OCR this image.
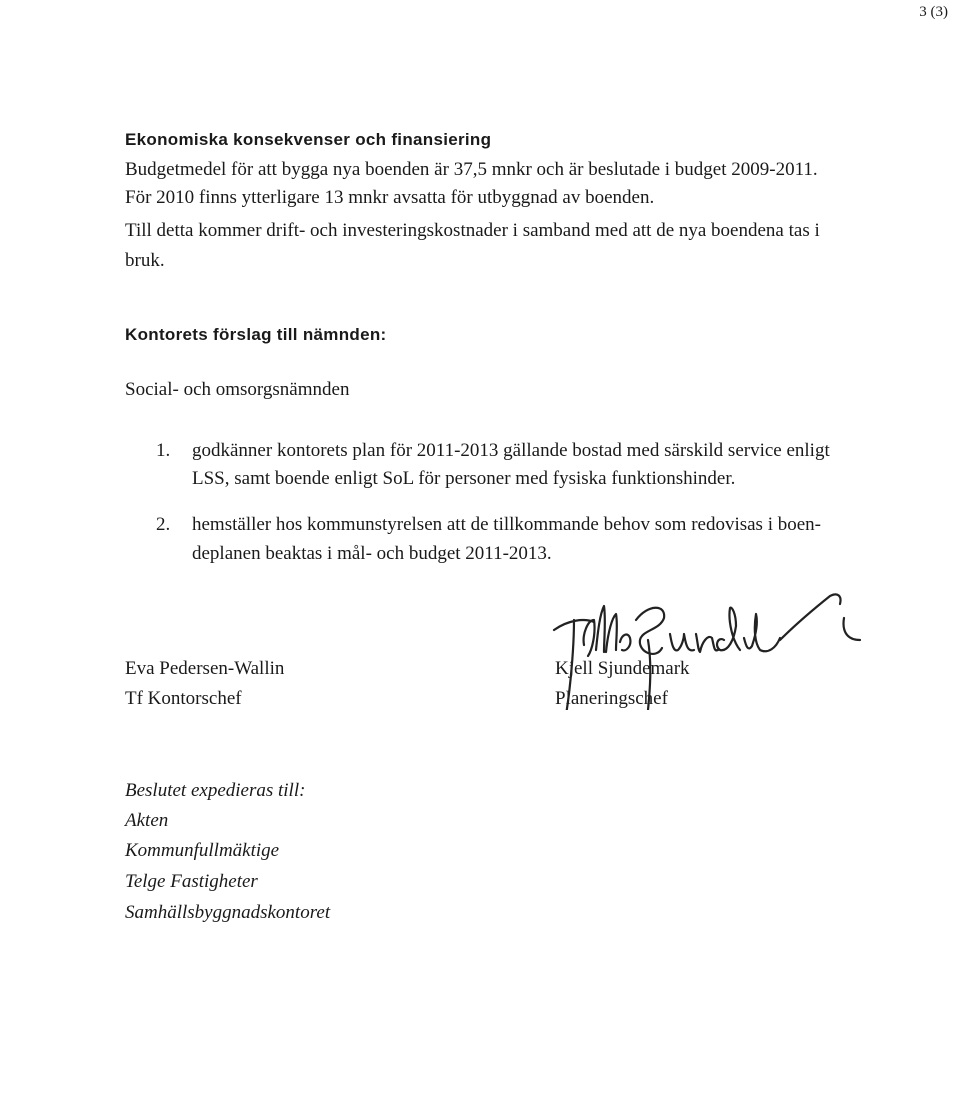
3 (3)
Ekonomiska konsekvenser och finansiering
Budgetmedel för att bygga nya boenden är 37,5 mnkr och är beslutade i budget 2009-2011.
För 2010 finns ytterligare 13 mnkr avsatta för utbyggnad av boenden.
Till detta kommer drift- och investeringskostnader i samband med att de nya boendena tas i
bruk.
Kontorets förslag till nämnden:
Social- och omsorgsnämnden
1. godkänner kontorets plan för 2011-2013 gällande bostad med särskild service enligt
LSS, samt boende enligt SoL för personer med fysiska funktionshinder.
2. hemställer hos kommunstyrelsen att de tillkommande behov som redovisas i boen-
deplanen beaktas i mål- och budget 2011-2013.
Eva Pedersen-Wallin
Tf Kontorschef
Kjell Sjundemark
Planeringschef
Beslutet expedieras till:
Akten
Kommunfullmäktige
Telge Fastigheter
Samhällsbyggnadskontoret
